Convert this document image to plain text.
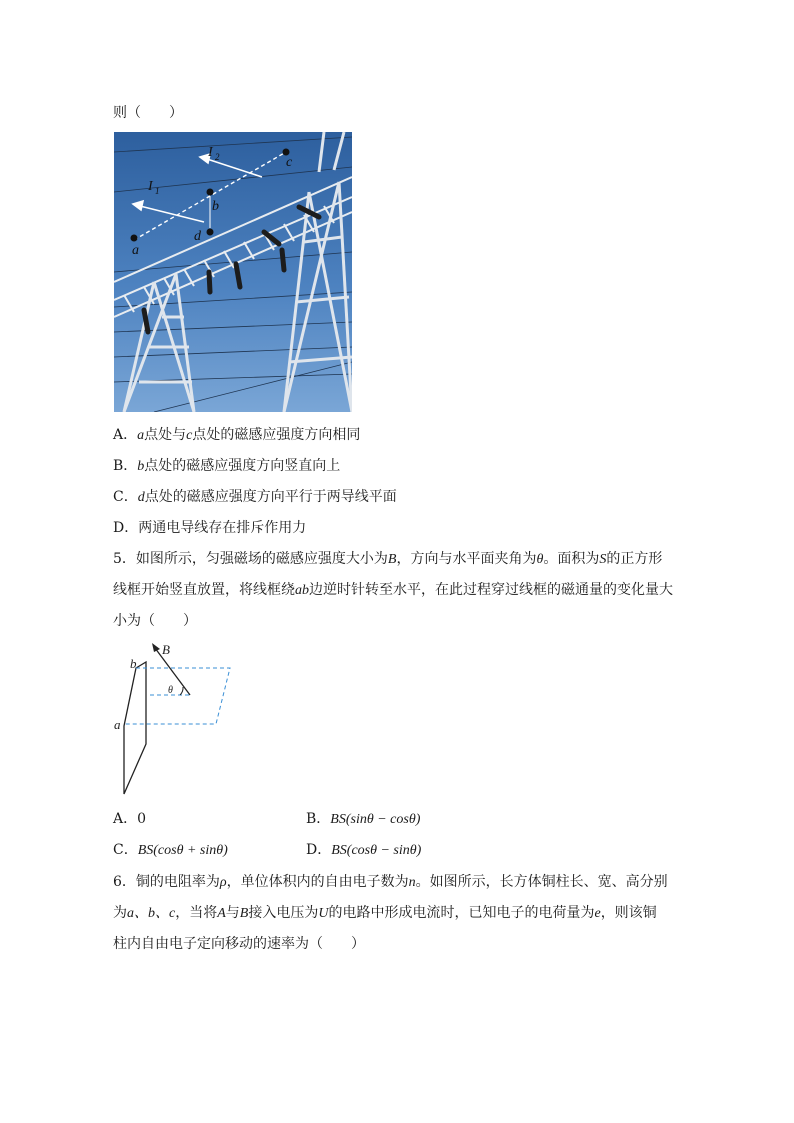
则（　　）
I 2
I 1
a
b
c
d
A．a点处与c点处的磁感应强度方向相同
B．b点处的磁感应强度方向竖直向上
C．d点处的磁感应强度方向平行于两导线平面
D．两通电导线存在排斥作用力
5．如图所示，匀强磁场的磁感应强度大小为B，方向与水平面夹角为θ。面积为S的正方形
线框开始竖直放置，将线框绕ab边逆时针转至水平，在此过程穿过线框的磁通量的变化量大
小为（　　）
B
b
a
θ
A．0	B．BS(sinθ − cosθ)
C．BS(cosθ + sinθ)	D．BS(cosθ − sinθ)
6．铜的电阻率为ρ，单位体积内的自由电子数为n。如图所示，长方体铜柱长、宽、高分别
为a、b、c，当将A与B接入电压为U的电路中形成电流时，已知电子的电荷量为e，则该铜
柱内自由电子定向移动的速率为（　　）
